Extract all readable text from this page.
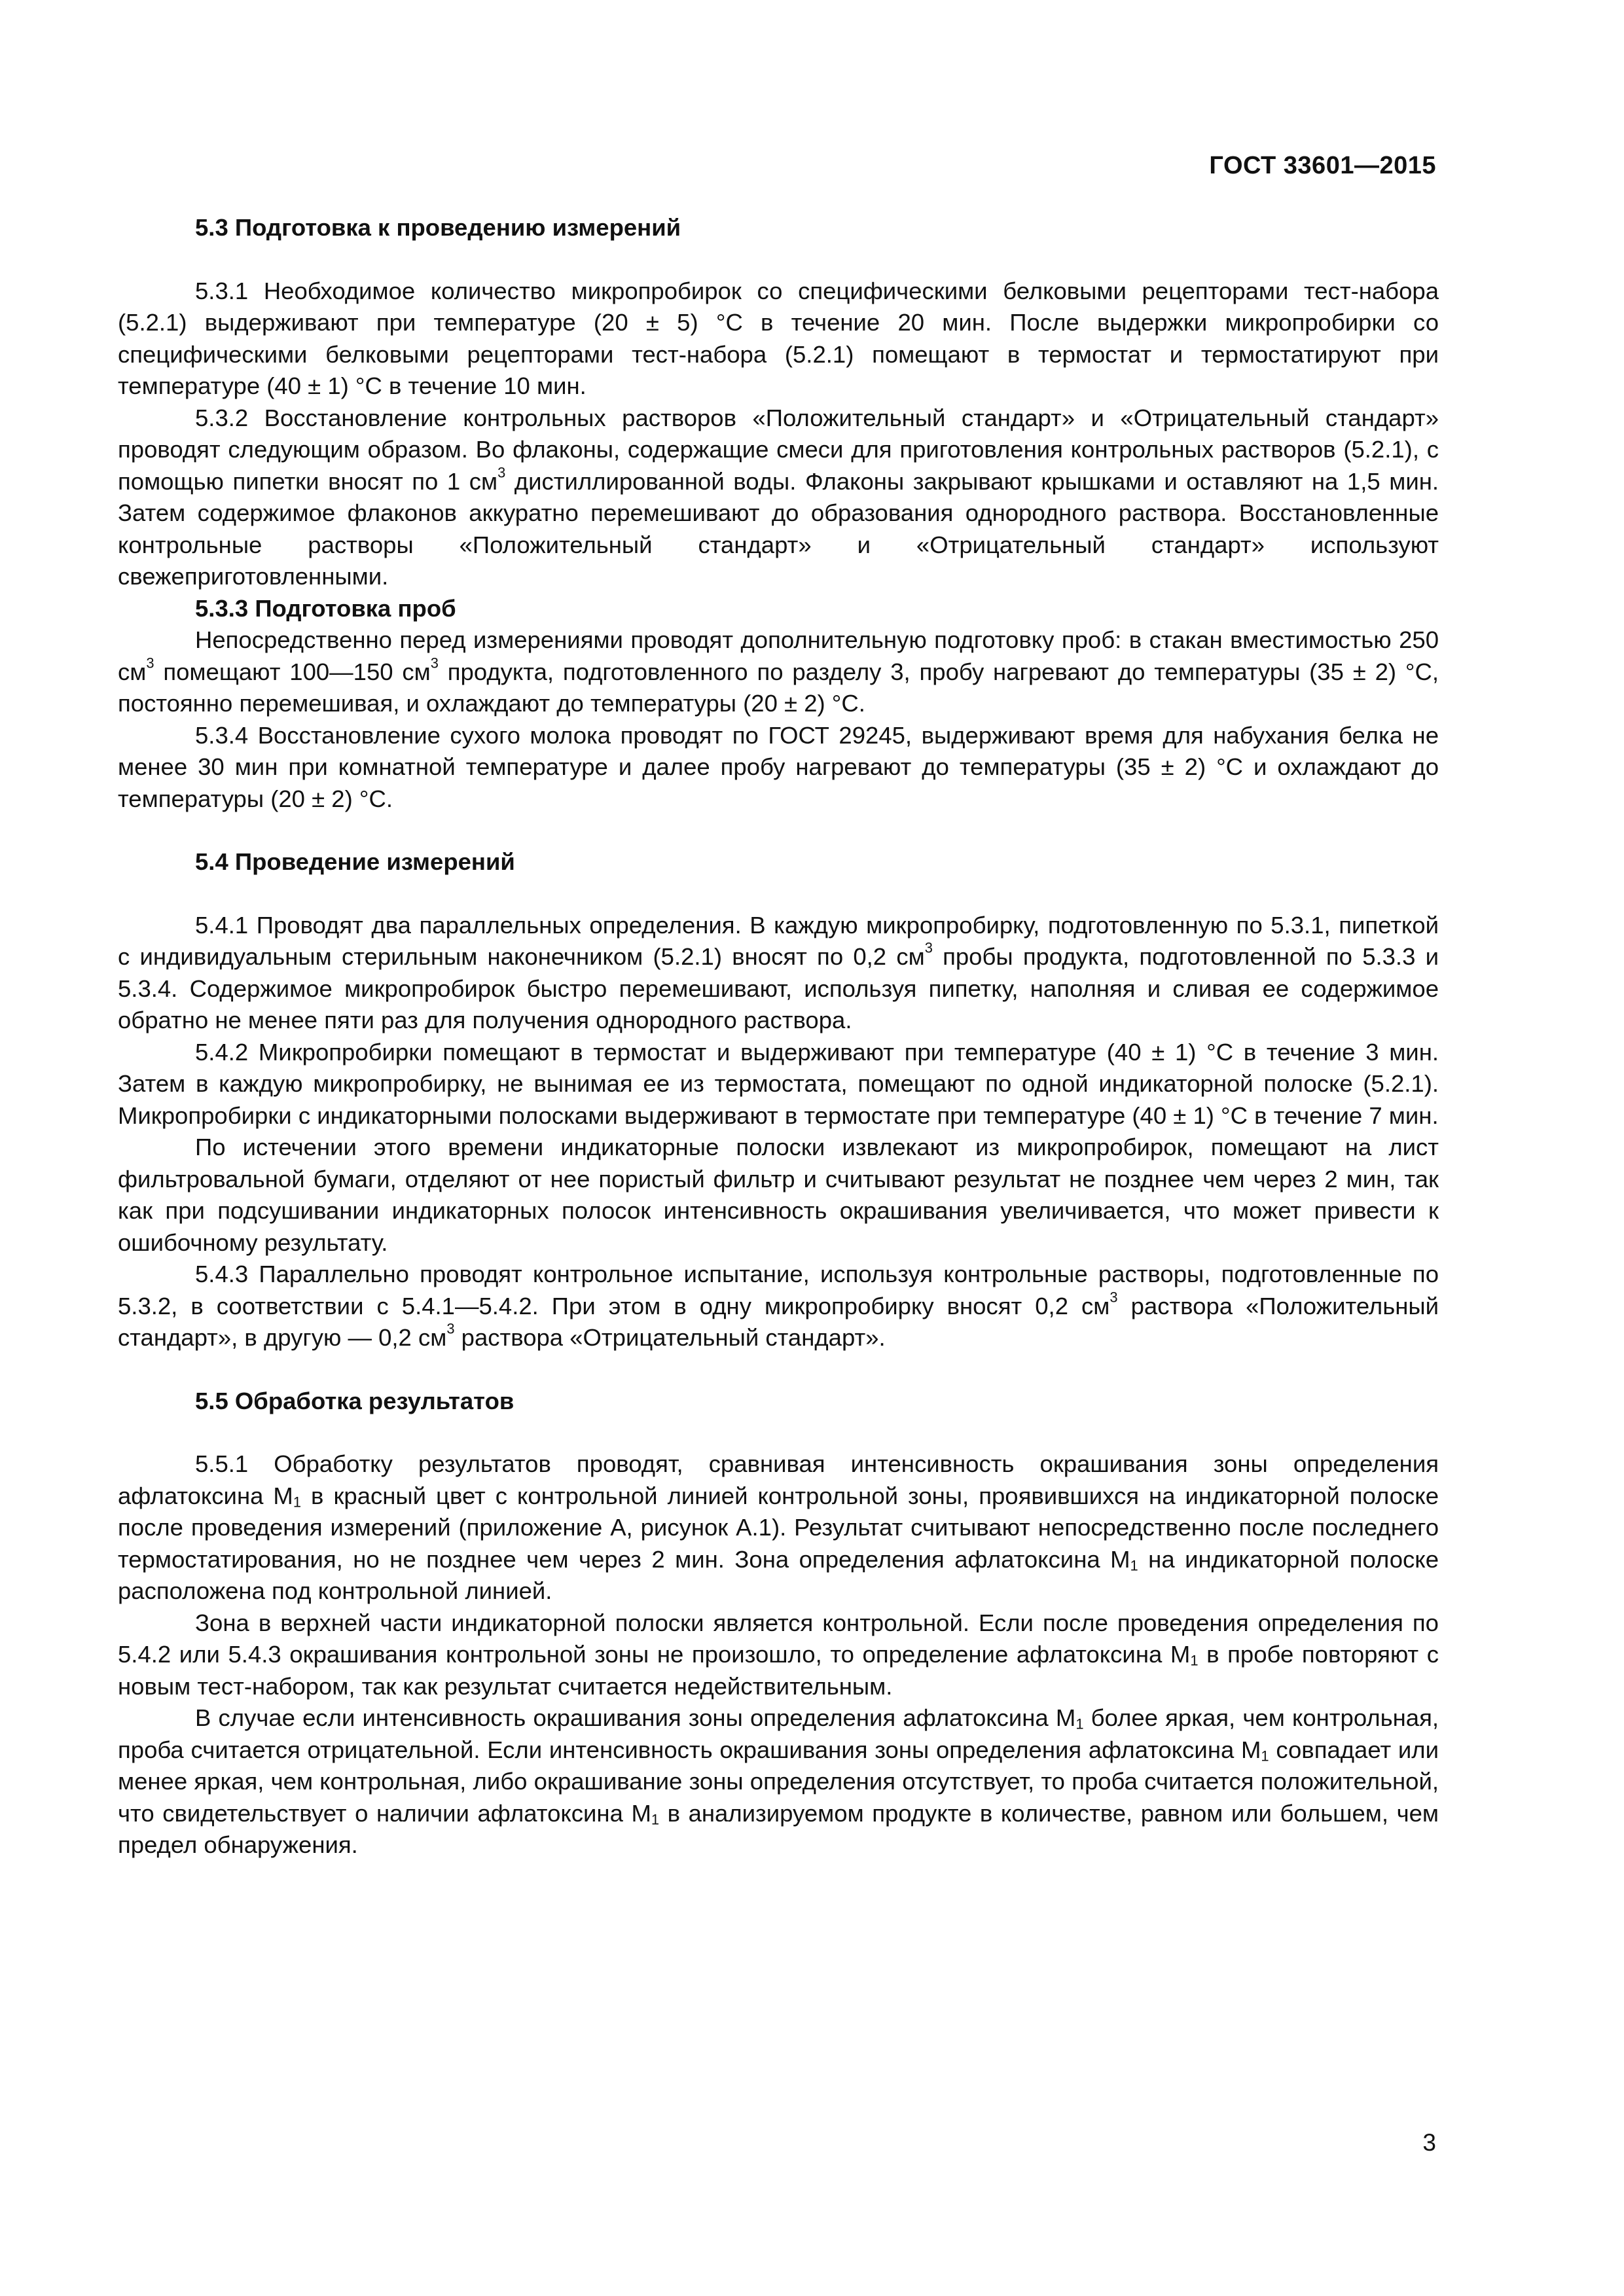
ГОСТ 33601—2015
5.3 Подготовка к проведению измерений

5.3.1 Необходимое количество микропробирок со специфическими белковыми рецепторами тест-набора (5.2.1) выдерживают при температуре (20 ± 5) °С в течение 20 мин. После выдержки микропробирки со специфическими белковыми рецепторами тест-набора (5.2.1) помещают в термостат и термостатируют при температуре (40 ± 1) °С в течение 10 мин.

5.3.2 Восстановление контрольных растворов «Положительный стандарт» и «Отрицательный стандарт» проводят следующим образом. Во флаконы, содержащие смеси для приготовления контрольных растворов (5.2.1), с помощью пипетки вносят по 1 $см^3$ дистиллированной воды. Флаконы закрывают крышками и оставляют на 1,5 мин. Затем содержимое флаконов аккуратно перемешивают до образования однородного раствора. Восстановленные контрольные растворы «Положительный стандарт» и «Отрицательный стандарт» используют свежеприготовленными.

5.3.3 Подготовка проб

Непосредственно перед измерениями проводят дополнительную подготовку проб: в стакан вместимостью 250 $см^3$ помещают 100—150 $см^3$ продукта, подготовленного по разделу 3, пробу нагревают до температуры (35 ± 2) °С, постоянно перемешивая, и охлаждают до температуры (20 ± 2) °С.

5.3.4 Восстановление сухого молока проводят по ГОСТ 29245, выдерживают время для набухания белка не менее 30 мин при комнатной температуре и далее пробу нагревают до температуры (35 ± 2) °С и охлаждают до температуры (20 ± 2) °С.

5.4 Проведение измерений

5.4.1 Проводят два параллельных определения. В каждую микропробирку, подготовленную по 5.3.1, пипеткой с индивидуальным стерильным наконечником (5.2.1) вносят по 0,2 $см^3$ пробы продукта, подготовленной по 5.3.3 и 5.3.4. Содержимое микропробирок быстро перемешивают, используя пипетку, наполняя и сливая ее содержимое обратно не менее пяти раз для получения однородного раствора.

5.4.2 Микропробирки помещают в термостат и выдерживают при температуре (40 ± 1) °С в течение 3 мин. Затем в каждую микропробирку, не вынимая ее из термостата, помещают по одной индикаторной полоске (5.2.1). Микропробирки с индикаторными полосками выдерживают в термостате при температуре (40 ± 1) °С в течение 7 мин.

По истечении этого времени индикаторные полоски извлекают из микропробирок, помещают на лист фильтровальной бумаги, отделяют от нее пористый фильтр и считывают результат не позднее чем через 2 мин, так как при подсушивании индикаторных полосок интенсивность окрашивания увеличивается, что может привести к ошибочному результату.

5.4.3 Параллельно проводят контрольное испытание, используя контрольные растворы, подготовленные по 5.3.2, в соответствии с 5.4.1—5.4.2. При этом в одну микропробирку вносят 0,2 $см^3$ раствора «Положительный стандарт», в другую — 0,2 $см^3$ раствора «Отрицательный стандарт».

5.5 Обработка результатов

5.5.1 Обработку результатов проводят, сравнивая интенсивность окрашивания зоны определения афлатоксина $М_1$ в красный цвет с контрольной линией контрольной зоны, проявившихся на индикаторной полоске после проведения измерений (приложение А, рисунок А.1). Результат считывают непосредственно после последнего термостатирования, но не позднее чем через 2 мин. Зона определения афлатоксина $М_1$ на индикаторной полоске расположена под контрольной линией.

Зона в верхней части индикаторной полоски является контрольной. Если после проведения определения по 5.4.2 или 5.4.3 окрашивания контрольной зоны не произошло, то определение афлатоксина $М_1$ в пробе повторяют с новым тест-набором, так как результат считается недействительным.

В случае если интенсивность окрашивания зоны определения афлатоксина $М_1$ более яркая, чем контрольная, проба считается отрицательной. Если интенсивность окрашивания зоны определения афлатоксина $М_1$ совпадает или менее яркая, чем контрольная, либо окрашивание зоны определения отсутствует, то проба считается положительной, что свидетельствует о наличии афлатоксина $М_1$ в анализируемом продукте в количестве, равном или большем, чем предел обнаружения.

3
